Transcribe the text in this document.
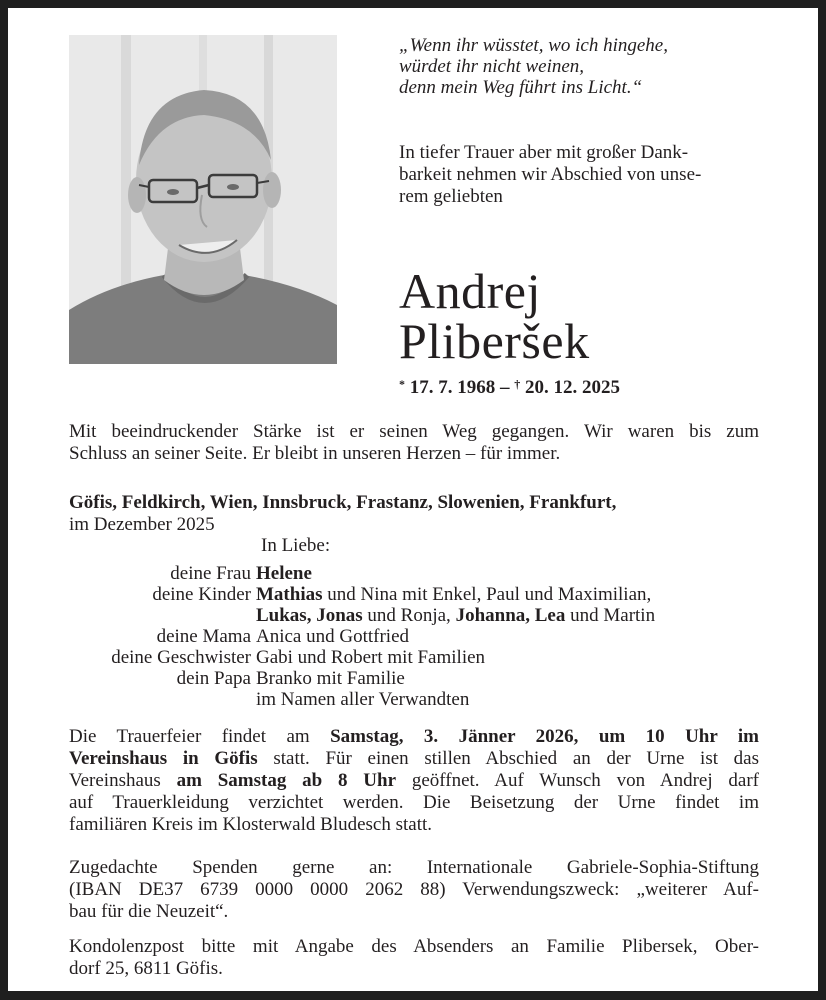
„Wenn ihr wüsstet, wo ich hingehe,
würdet ihr nicht weinen,
denn mein Weg führt ins Licht.“
In tiefer Trauer aber mit großer Dank-
barkeit nehmen wir Abschied von unse-
rem geliebten
Andrej
Pliberšek
* 17. 7. 1968 – † 20. 12. 2025
Mit beeindruckender Stärke ist er seinen Weg gegangen. Wir waren bis zum
Schluss an seiner Seite. Er bleibt in unseren Herzen – für immer.
Göfis, Feldkirch, Wien, Innsbruck, Frastanz, Slowenien, Frankfurt,
im Dezember 2025
In Liebe:
deine Frau Helene
deine Kinder Mathias und Nina mit Enkel, Paul und Maximilian,
Lukas, Jonas und Ronja, Johanna, Lea und Martin
deine Mama Anica und Gottfried
deine Geschwister Gabi und Robert mit Familien
dein Papa Branko mit Familie
im Namen aller Verwandten
Die Trauerfeier findet am Samstag, 3. Jänner 2026, um 10 Uhr im
Vereinshaus in Göfis statt. Für einen stillen Abschied an der Urne ist das
Vereinshaus am Samstag ab 8 Uhr geöffnet. Auf Wunsch von Andrej darf
auf Trauerkleidung verzichtet werden. Die Beisetzung der Urne findet im
familiären Kreis im Klosterwald Bludesch statt.
Zugedachte Spenden gerne an: Internationale Gabriele-Sophia-Stiftung
(IBAN DE37 6739 0000 0000 2062 88) Verwendungszweck: „weiterer Auf-
bau für die Neuzeit“.
Kondolenzpost bitte mit Angabe des Absenders an Familie Plibersek, Ober-
dorf 25, 6811 Göfis.
